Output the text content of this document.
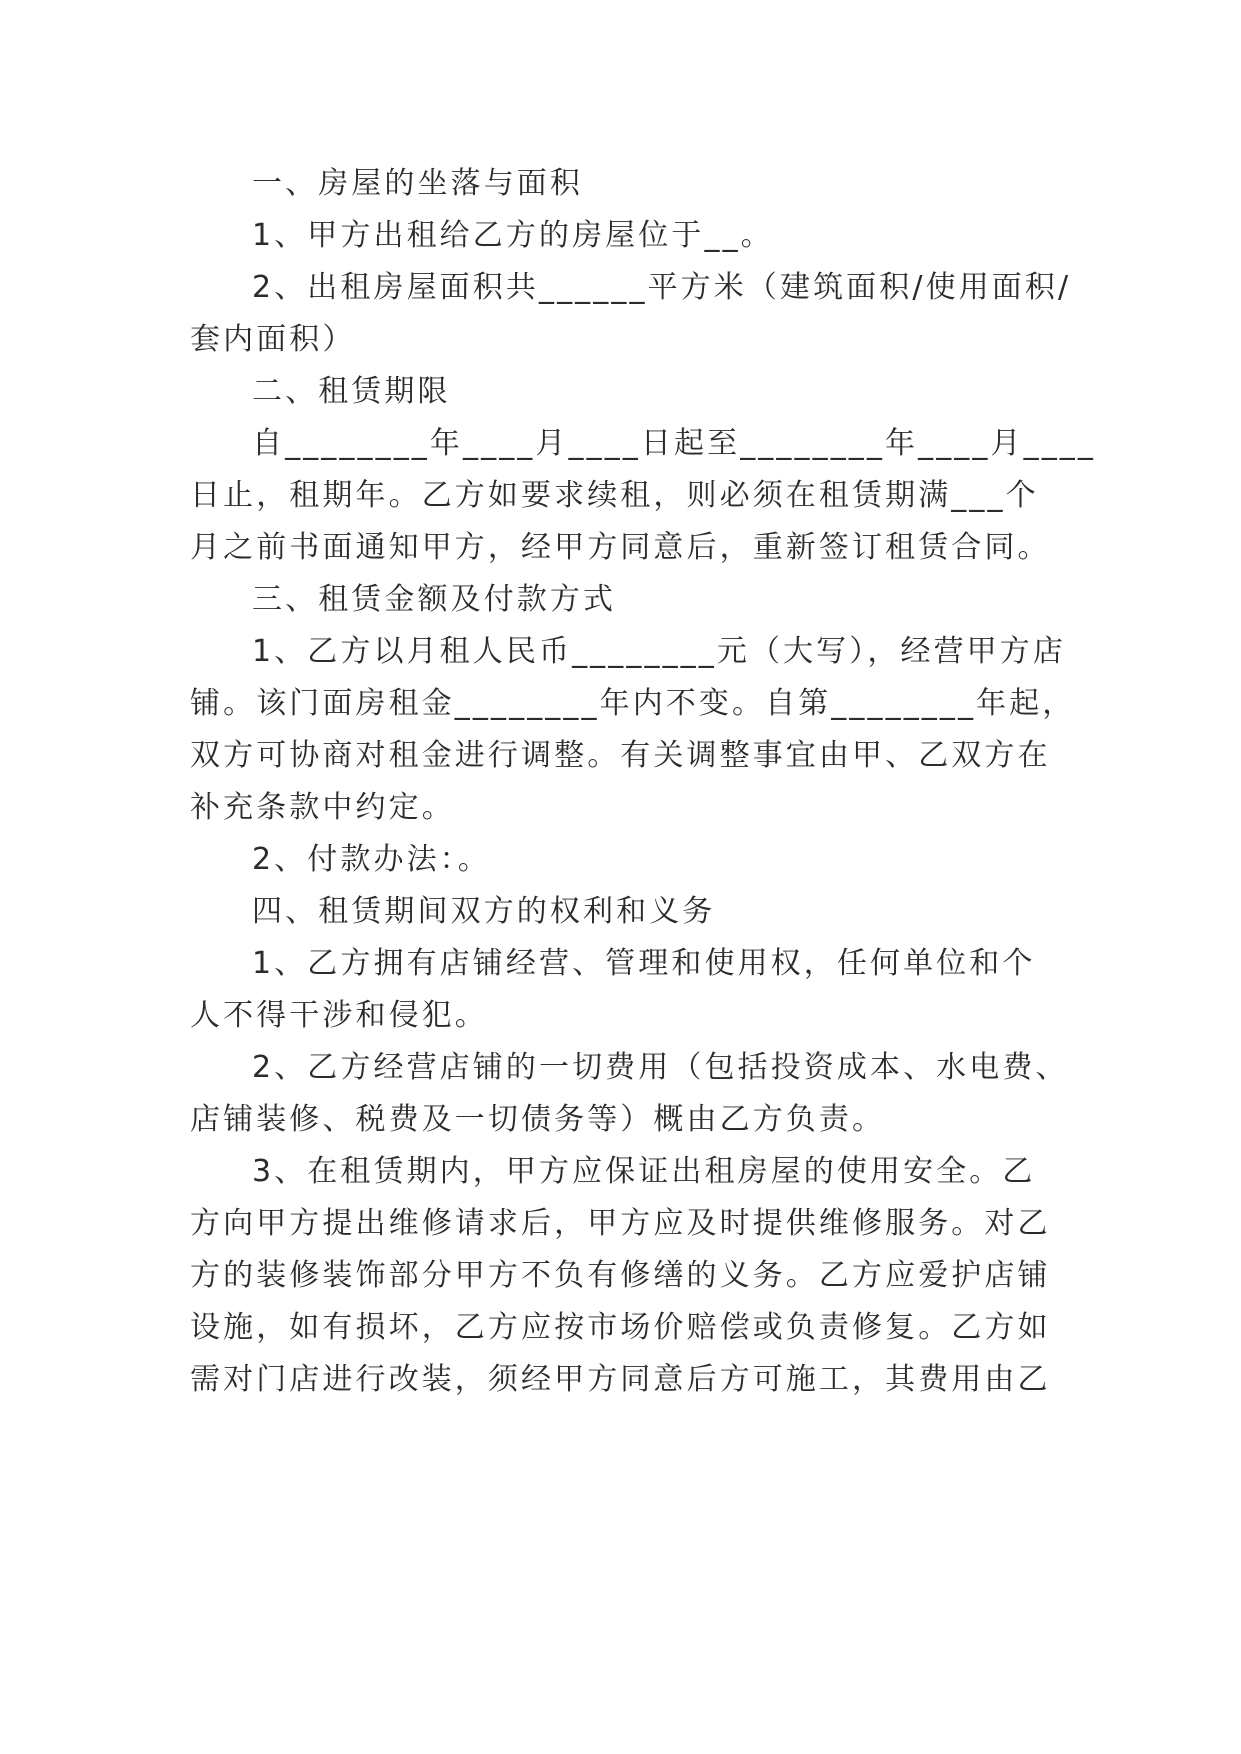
一、房屋的坐落与面积
1、甲方出租给乙方的房屋位于__。
2、出租房屋面积共______平方米（建筑面积/使用面积/
套内面积）
二、租赁期限
自________年____月____日起至________年____月____
日止，租期年。乙方如要求续租，则必须在租赁期满___个
月之前书面通知甲方，经甲方同意后，重新签订租赁合同。
三、租赁金额及付款方式
1、乙方以月租人民币________元（大写），经营甲方店
铺。该门面房租金________年内不变。自第________年起，
双方可协商对租金进行调整。有关调整事宜由甲、乙双方在
补充条款中约定。
2、付款办法：。
四、租赁期间双方的权利和义务
1、乙方拥有店铺经营、管理和使用权，任何单位和个
人不得干涉和侵犯。
2、乙方经营店铺的一切费用（包括投资成本、水电费、
店铺装修、税费及一切债务等）概由乙方负责。
3、在租赁期内，甲方应保证出租房屋的使用安全。乙
方向甲方提出维修请求后，甲方应及时提供维修服务。对乙
方的装修装饰部分甲方不负有修缮的义务。乙方应爱护店铺
设施，如有损坏，乙方应按市场价赔偿或负责修复。乙方如
需对门店进行改装，须经甲方同意后方可施工，其费用由乙
